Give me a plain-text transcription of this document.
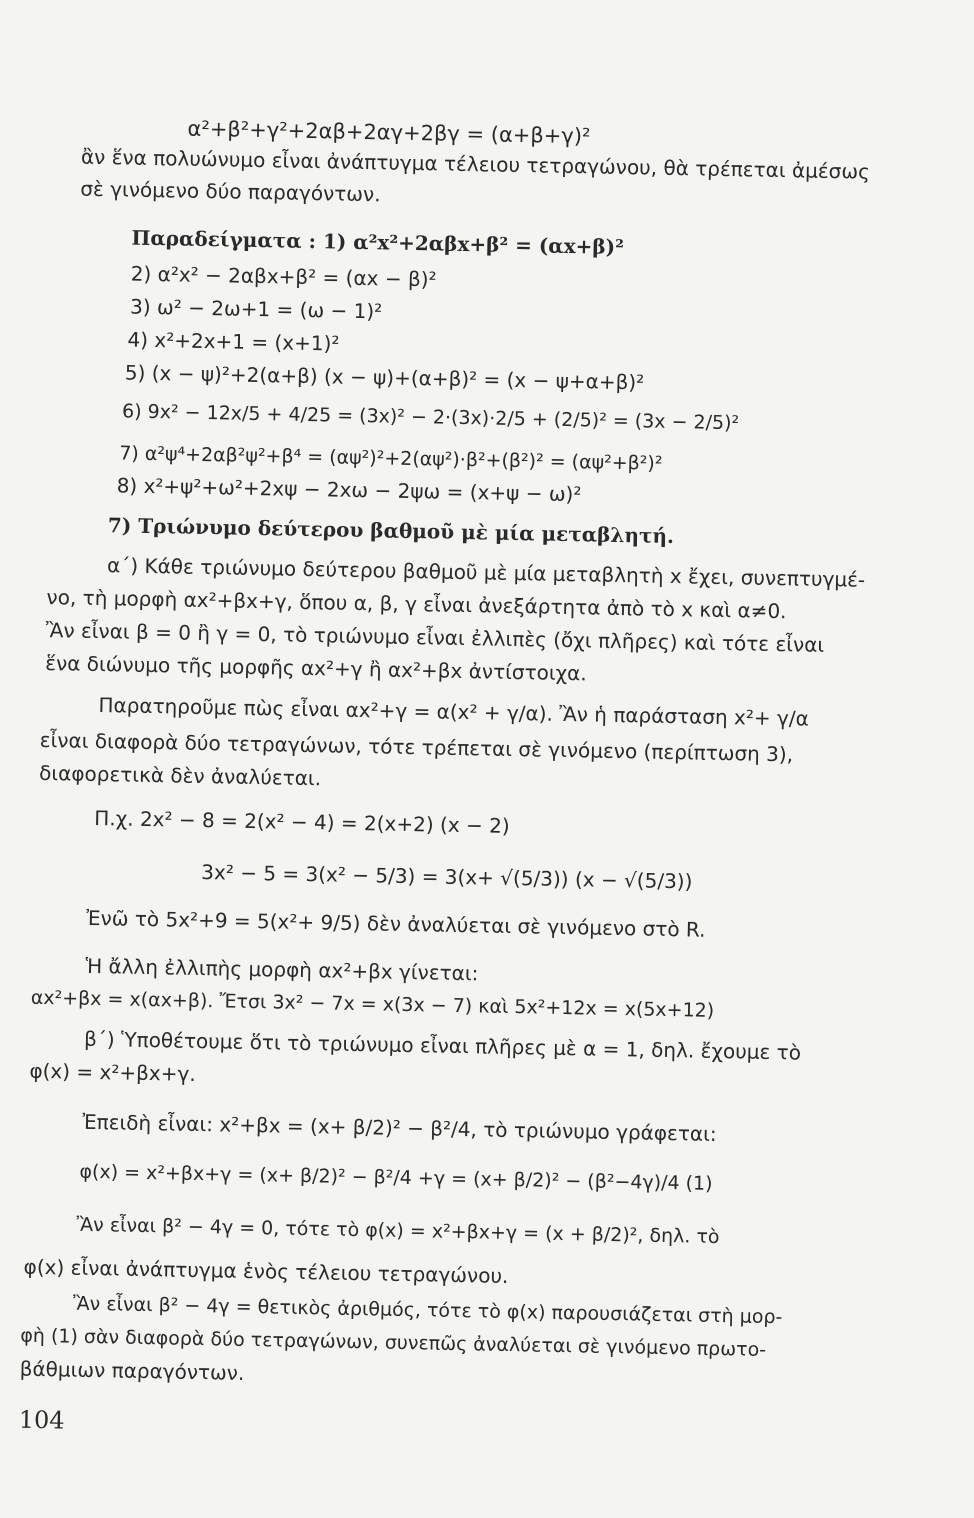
α²+β²+γ²+2αβ+2αγ+2βγ = (α+β+γ)²
ἂν ἕνα πολυώνυμο εἶναι ἀνάπτυγμα τέλειου τετραγώνου, θὰ τρέπεται ἀμέσως
σὲ γινόμενο δύο παραγόντων.
Παραδείγματα : 1) α²x²+2αβx+β² = (αx+β)²
2) α²x² − 2αβx+β² = (αx − β)²
3) ω² − 2ω+1 = (ω − 1)²
4) x²+2x+1 = (x+1)²
5) (x − ψ)²+2(α+β) (x − ψ)+(α+β)² = (x − ψ+α+β)²
6) 9x² − 12x/5 + 4/25 = (3x)² − 2·(3x)·2/5 + (2/5)² = (3x − 2/5)²
7) α²ψ⁴+2αβ²ψ²+β⁴ = (αψ²)²+2(αψ²)·β²+(β²)² = (αψ²+β²)²
8) x²+ψ²+ω²+2xψ − 2xω − 2ψω = (x+ψ − ω)²
7) Τριώνυμο δεύτερου βαθμοῦ μὲ μία μεταβλητή.
α΄) Κάθε τριώνυμο δεύτερου βαθμοῦ μὲ μία μεταβλητὴ x ἔχει, συνεπτυγμέ-
νο, τὴ μορφὴ αx²+βx+γ, ὅπου α, β, γ εἶναι ἀνεξάρτητα ἀπὸ τὸ x καὶ α≠0.
Ἂν εἶναι β = 0 ἢ γ = 0, τὸ τριώνυμο εἶναι ἐλλιπὲς (ὄχι πλῆρες) καὶ τότε εἶναι
ἕνα διώνυμο τῆς μορφῆς αx²+γ ἢ αx²+βx ἀντίστοιχα.
Παρατηροῦμε πὼς εἶναι αx²+γ = α(x² + γ/α). Ἂν ἡ παράσταση x²+ γ/α
εἶναι διαφορὰ δύο τετραγώνων, τότε τρέπεται σὲ γινόμενο (περίπτωση 3),
διαφορετικὰ δὲν ἀναλύεται.
Π.χ. 2x² − 8 = 2(x² − 4) = 2(x+2) (x − 2)
3x² − 5 = 3(x² − 5/3) = 3(x+ √(5/3)) (x − √(5/3))
Ἐνῶ τὸ 5x²+9 = 5(x²+ 9/5) δὲν ἀναλύεται σὲ γινόμενο στὸ R.
Ἡ ἄλλη ἐλλιπὴς μορφὴ αx²+βx γίνεται:
αx²+βx = x(αx+β). Ἔτσι 3x² − 7x = x(3x − 7) καὶ 5x²+12x = x(5x+12)
β΄) Ὑποθέτουμε ὅτι τὸ τριώνυμο εἶναι πλῆρες μὲ α = 1, δηλ. ἔχουμε τὸ
φ(x) = x²+βx+γ.
Ἐπειδὴ εἶναι: x²+βx = (x+ β/2)² − β²/4, τὸ τριώνυμο γράφεται:
φ(x) = x²+βx+γ = (x+ β/2)² − β²/4 +γ = (x+ β/2)² − (β²−4γ)/4 (1)
Ἂν εἶναι β² − 4γ = 0, τότε τὸ φ(x) = x²+βx+γ = (x + β/2)², δηλ. τὸ
φ(x) εἶναι ἀνάπτυγμα ἑνὸς τέλειου τετραγώνου.
Ἂν εἶναι β² − 4γ = θετικὸς ἀριθμός, τότε τὸ φ(x) παρουσιάζεται στὴ μορ-
φὴ (1) σὰν διαφορὰ δύο τετραγώνων, συνεπῶς ἀναλύεται σὲ γινόμενο πρωτο-
βάθμιων παραγόντων.
104
